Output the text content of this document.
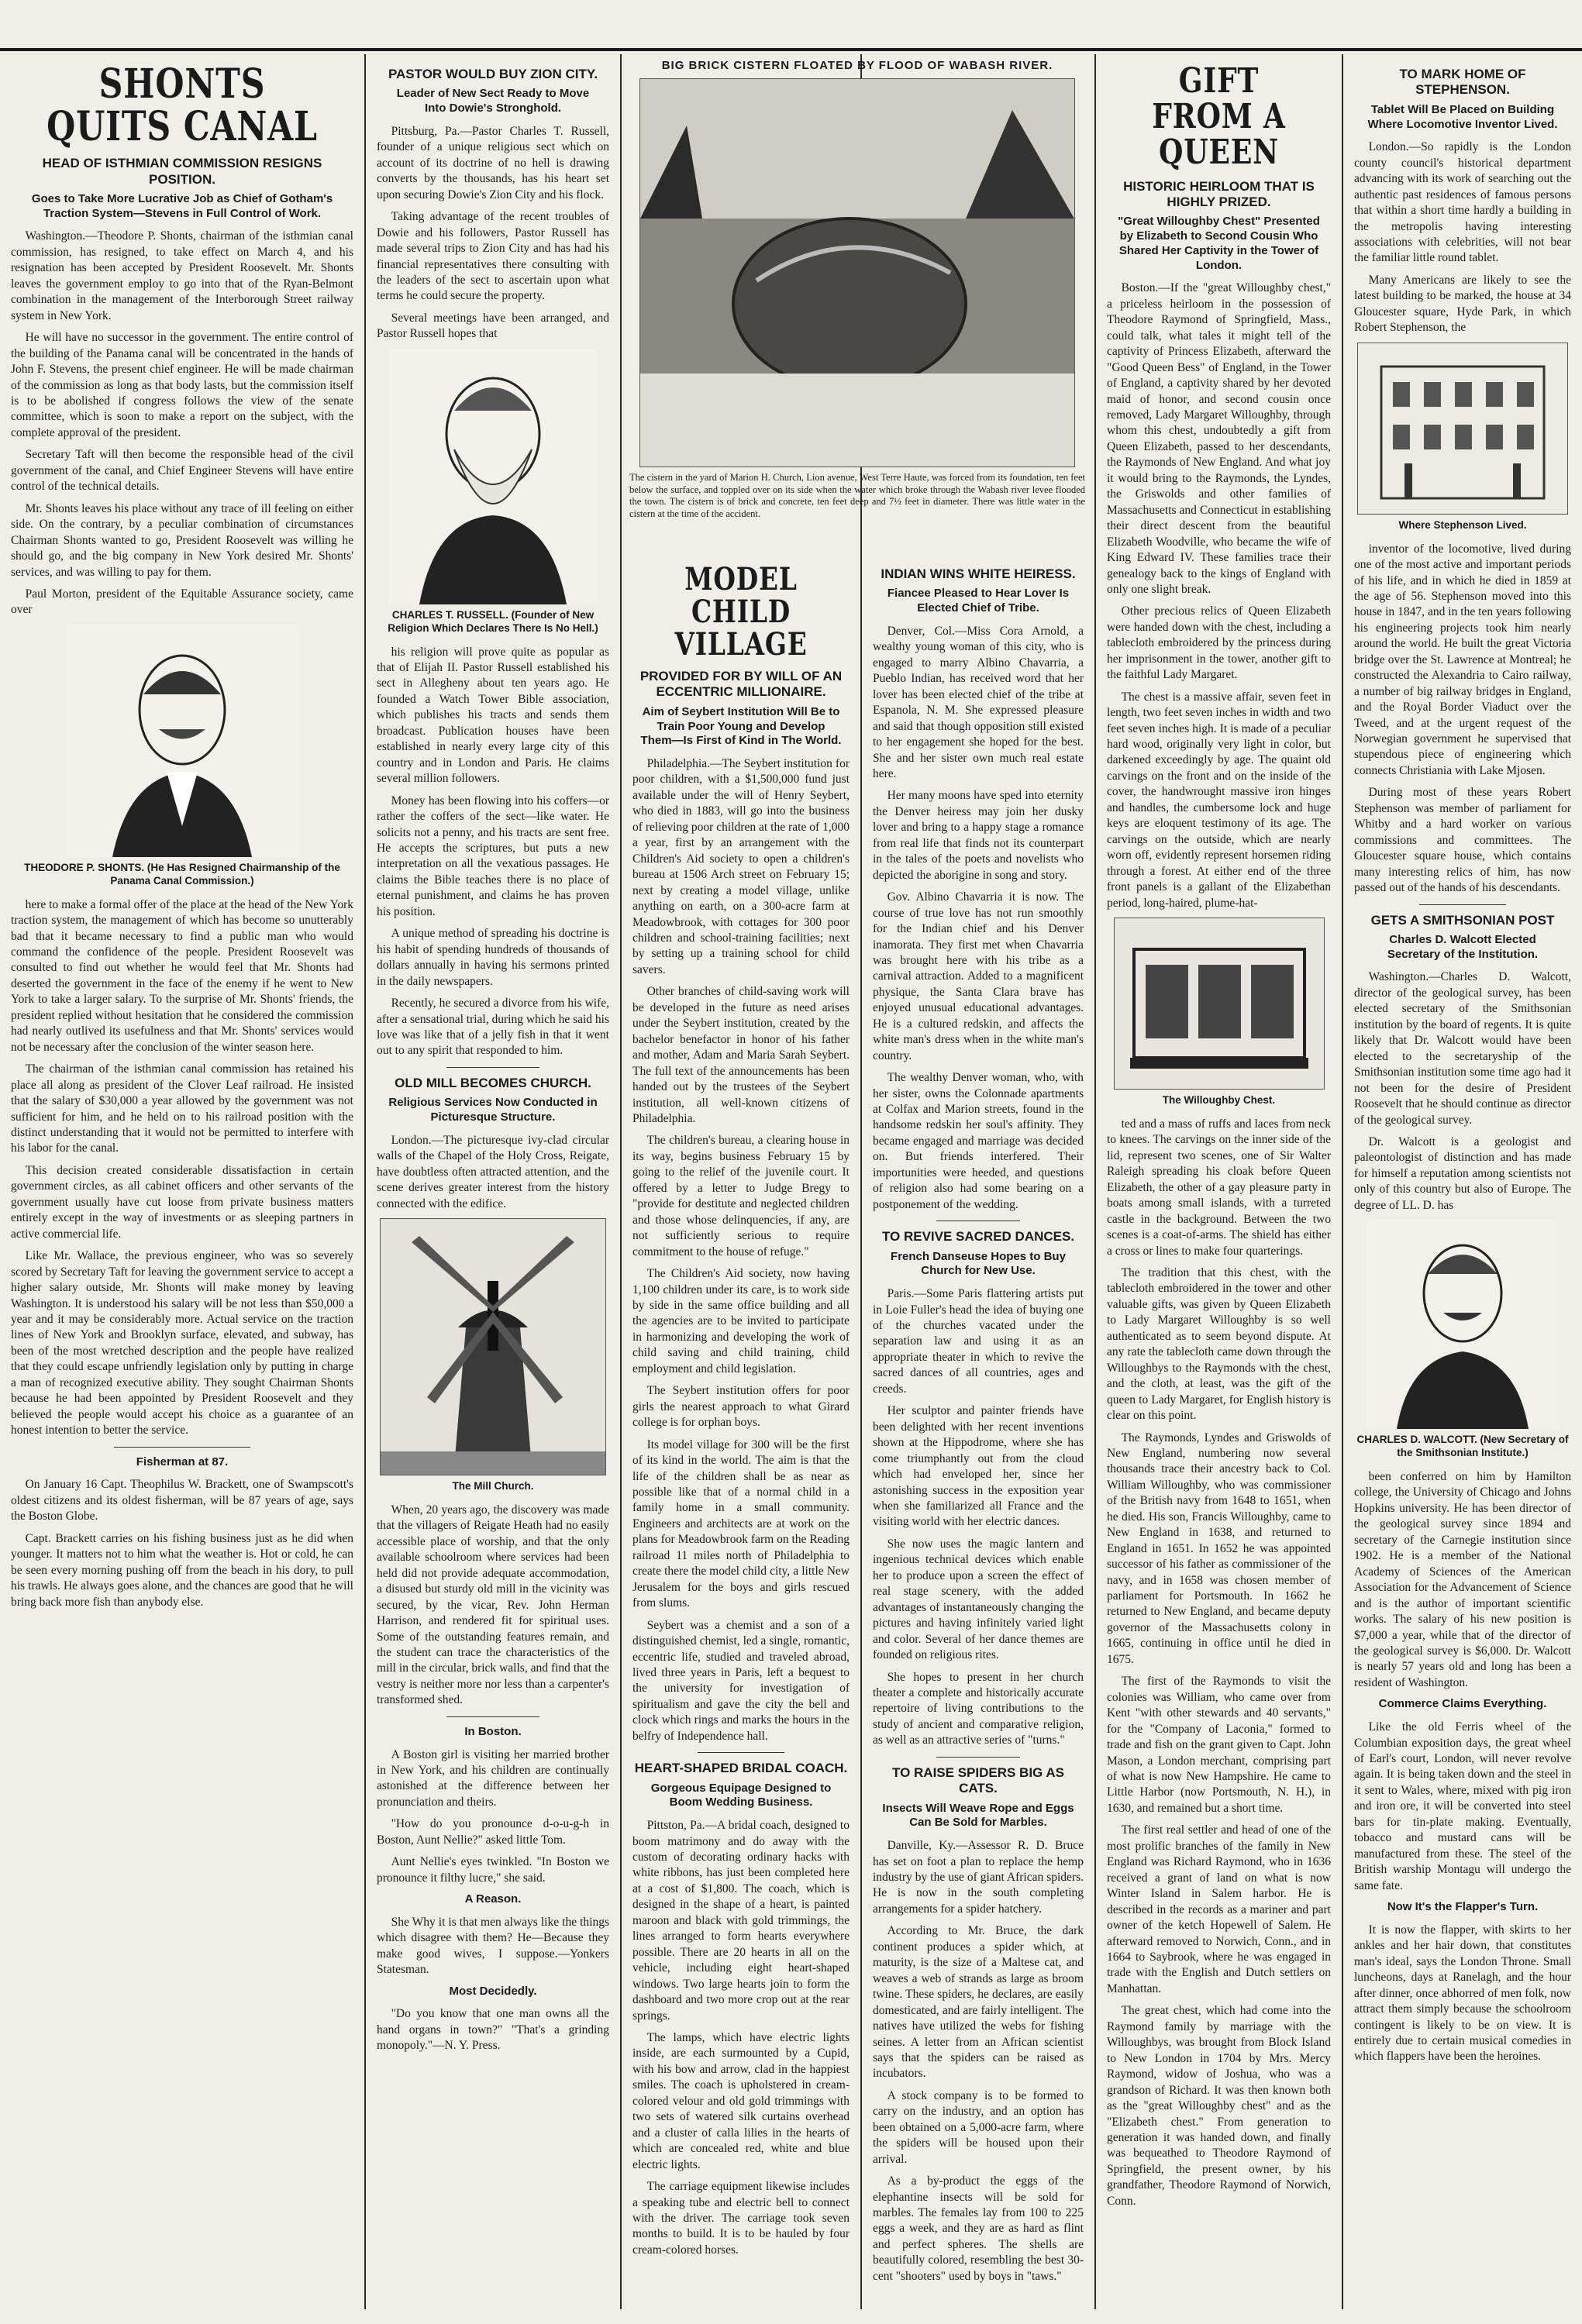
SHONTS QUITS CANAL
HEAD OF ISTHMIAN COMMISSION RESIGNS POSITION.
Goes to Take More Lucrative Job as Chief of Gotham's Traction System—Stevens in Full Control of Work.

Washington.—Theodore P. Shonts, chairman of the isthmian canal commission, has resigned, to take effect on March 4, and his resignation has been accepted by President Roosevelt. Mr. Shonts leaves the government employ to go into that of the Ryan-Belmont combination in the management of the Interborough Street railway system in New York.

He will have no successor in the government. The entire control of the building of the Panama canal will be concentrated in the hands of John F. Stevens, the present chief engineer. He will be made chairman of the commission as long as that body lasts, but the commission itself is to be abolished if congress follows the view of the senate committee, which is soon to make a report on the subject, with the complete approval of the president.

Secretary Taft will then become the responsible head of the civil government of the canal, and Chief Engineer Stevens will have entire control of the technical details.

Mr. Shonts leaves his place without any trace of ill feeling on either side. On the contrary, by a peculiar combination of circumstances Chairman Shonts wanted to go, President Roosevelt was willing he should go, and the big company in New York desired Mr. Shonts' services, and was willing to pay for them.

Paul Morton, president of the Equitable Assurance society, came over

THEODORE P. SHONTS. (He Has Resigned Chairmanship of the Panama Canal Commission.)

here to make a formal offer of the place at the head of the New York traction system, the management of which has become so unutterably bad that it became necessary to find a public man who would command the confidence of the people. President Roosevelt was consulted to find out whether he would feel that Mr. Shonts had deserted the government in the face of the enemy if he went to New York to take a larger salary. To the surprise of Mr. Shonts' friends, the president replied without hesitation that he considered the commission had nearly outlived its usefulness and that Mr. Shonts' services would not be necessary after the conclusion of the winter season here.

The chairman of the isthmian canal commission has retained his place all along as president of the Clover Leaf railroad. He insisted that the salary of $30,000 a year allowed by the government was not sufficient for him, and he held on to his railroad position with the distinct understanding that it would not be permitted to interfere with his labor for the canal.

This decision created considerable dissatisfaction in certain government circles, as all cabinet officers and other servants of the government usually have cut loose from private business matters entirely except in the way of investments or as sleeping partners in active commercial life.

Like Mr. Wallace, the previous engineer, who was so severely scored by Secretary Taft for leaving the government service to accept a higher salary outside, Mr. Shonts will make money by leaving Washington. It is understood his salary will be not less than $50,000 a year and it may be considerably more. Actual service on the traction lines of New York and Brooklyn surface, elevated, and subway, has been of the most wretched description and the people have realized that they could escape unfriendly legislation only by putting in charge a man of recognized executive ability. They sought Chairman Shonts because he had been appointed by President Roosevelt and they believed the people would accept his choice as a guarantee of an honest intention to better the service.

Fisherman at 87.

On January 16 Capt. Theophilus W. Brackett, one of Swampscott's oldest citizens and its oldest fisherman, will be 87 years of age, says the Boston Globe.

Capt. Brackett carries on his fishing business just as he did when younger. It matters not to him what the weather is. Hot or cold, he can be seen every morning pushing off from the beach in his dory, to pull his trawls. He always goes alone, and the chances are good that he will bring back more fish than anybody else.

PASTOR WOULD BUY ZION CITY.
Leader of New Sect Ready to Move Into Dowie's Stronghold.

Pittsburg, Pa.—Pastor Charles T. Russell, founder of a unique religious sect which on account of its doctrine of no hell is drawing converts by the thousands, has his heart set upon securing Dowie's Zion City and his flock.

Taking advantage of the recent troubles of Dowie and his followers, Pastor Russell has made several trips to Zion City and has had his financial representatives there consulting with the leaders of the sect to ascertain upon what terms he could secure the property.

Several meetings have been arranged, and Pastor Russell hopes that

CHARLES T. RUSSELL. (Founder of New Religion Which Declares There Is No Hell.)

his religion will prove quite as popular as that of Elijah II. Pastor Russell established his sect in Allegheny about ten years ago. He founded a Watch Tower Bible association, which publishes his tracts and sends them broadcast. Publication houses have been established in nearly every large city of this country and in London and Paris. He claims several million followers.

Money has been flowing into his coffers—or rather the coffers of the sect—like water. He solicits not a penny, and his tracts are sent free. He accepts the scriptures, but puts a new interpretation on all the vexatious passages. He claims the Bible teaches there is no place of eternal punishment, and claims he has proven his position.

A unique method of spreading his doctrine is his habit of spending hundreds of thousands of dollars annually in having his sermons printed in the daily newspapers.

Recently, he secured a divorce from his wife, after a sensational trial, during which he said his love was like that of a jelly fish in that it went out to any spirit that responded to him.

OLD MILL BECOMES CHURCH.
Religious Services Now Conducted in Picturesque Structure.

London.—The picturesque ivy-clad circular walls of the Chapel of the Holy Cross, Reigate, have doubtless often attracted attention, and the scene derives greater interest from the history connected with the edifice.

The Mill Church.

When, 20 years ago, the discovery was made that the villagers of Reigate Heath had no easily accessible place of worship, and that the only available schoolroom where services had been held did not provide adequate accommodation, a disused but sturdy old mill in the vicinity was secured, by the vicar, Rev. John Herman Harrison, and rendered fit for spiritual uses. Some of the outstanding features remain, and the student can trace the characteristics of the mill in the circular, brick walls, and find that the vestry is neither more nor less than a carpenter's transformed shed.

In Boston.

A Boston girl is visiting her married brother in New York, and his children are continually astonished at the difference between her pronunciation and theirs.

"How do you pronounce d-o-u-g-h in Boston, Aunt Nellie?" asked little Tom.

Aunt Nellie's eyes twinkled. "In Boston we pronounce it filthy lucre," she said.

A Reason.

She Why it is that men always like the things which disagree with them? He—Because they make good wives, I suppose.—Yonkers Statesman.

Most Decidedly.

"Do you know that one man owns all the hand organs in town?" "That's a grinding monopoly."—N. Y. Press.

BIG BRICK CISTERN FLOATED BY FLOOD OF WABASH RIVER.
The cistern in the yard of Marion H. Church, Lion avenue, West Terre Haute, was forced from its foundation, ten feet below the surface, and toppled over on its side when the water which broke through the Wabash river levee flooded the town. The cistern is of brick and concrete, ten feet deep and 7½ feet in diameter. There was little water in the cistern at the time of the accident.
MODEL CHILD VILLAGE
PROVIDED FOR BY WILL OF AN ECCENTRIC MILLIONAIRE.
Aim of Seybert Institution Will Be to Train Poor Young and Develop Them—Is First of Kind in The World.

Philadelphia.—The Seybert institution for poor children, with a $1,500,000 fund just available under the will of Henry Seybert, who died in 1883, will go into the business of relieving poor children at the rate of 1,000 a year, first by an arrangement with the Children's Aid society to open a children's bureau at 1506 Arch street on February 15; next by creating a model village, unlike anything on earth, on a 300-acre farm at Meadowbrook, with cottages for 300 poor children and school-training facilities; next by setting up a training school for child savers.

Other branches of child-saving work will be developed in the future as need arises under the Seybert institution, created by the bachelor benefactor in honor of his father and mother, Adam and Maria Sarah Seybert. The full text of the announcements has been handed out by the trustees of the Seybert institution, all well-known citizens of Philadelphia.

The children's bureau, a clearing house in its way, begins business February 15 by going to the relief of the juvenile court. It offered by a letter to Judge Bregy to "provide for destitute and neglected children and those whose delinquencies, if any, are not sufficiently serious to require commitment to the house of refuge."

The Children's Aid society, now having 1,100 children under its care, is to work side by side in the same office building and all the agencies are to be invited to participate in harmonizing and developing the work of child saving and child training, child employment and child legislation.

The Seybert institution offers for poor girls the nearest approach to what Girard college is for orphan boys.

Its model village for 300 will be the first of its kind in the world. The aim is that the life of the children shall be as near as possible like that of a normal child in a family home in a small community. Engineers and architects are at work on the plans for Meadowbrook farm on the Reading railroad 11 miles north of Philadelphia to create there the model child city, a little New Jerusalem for the boys and girls rescued from slums.

Seybert was a chemist and a son of a distinguished chemist, led a single, romantic, eccentric life, studied and traveled abroad, lived three years in Paris, left a bequest to the university for investigation of spiritualism and gave the city the bell and clock which rings and marks the hours in the belfry of Independence hall.

HEART-SHAPED BRIDAL COACH.
Gorgeous Equipage Designed to Boom Wedding Business.

Pittston, Pa.—A bridal coach, designed to boom matrimony and do away with the custom of decorating ordinary hacks with white ribbons, has just been completed here at a cost of $1,800. The coach, which is designed in the shape of a heart, is painted maroon and black with gold trimmings, the lines arranged to form hearts everywhere possible. There are 20 hearts in all on the vehicle, including eight heart-shaped windows. Two large hearts join to form the dashboard and two more crop out at the rear springs.

The lamps, which have electric lights inside, are each surmounted by a Cupid, with his bow and arrow, clad in the happiest smiles. The coach is upholstered in cream-colored velour and old gold trimmings with two sets of watered silk curtains overhead and a cluster of calla lilies in the hearts of which are concealed red, white and blue electric lights.

The carriage equipment likewise includes a speaking tube and electric bell to connect with the driver. The carriage took seven months to build. It is to be hauled by four cream-colored horses.

INDIAN WINS WHITE HEIRESS.
Fiancee Pleased to Hear Lover Is Elected Chief of Tribe.

Denver, Col.—Miss Cora Arnold, a wealthy young woman of this city, who is engaged to marry Albino Chavarria, a Pueblo Indian, has received word that her lover has been elected chief of the tribe at Espanola, N. M. She expressed pleasure and said that though opposition still existed to her engagement she hoped for the best. She and her sister own much real estate here.

Her many moons have sped into eternity the Denver heiress may join her dusky lover and bring to a happy stage a romance from real life that finds not its counterpart in the tales of the poets and novelists who depicted the aborigine in song and story.

Gov. Albino Chavarria it is now. The course of true love has not run smoothly for the Indian chief and his Denver inamorata. They first met when Chavarria was brought here with his tribe as a carnival attraction. Added to a magnificent physique, the Santa Clara brave has enjoyed unusual educational advantages. He is a cultured redskin, and affects the white man's dress when in the white man's country.

The wealthy Denver woman, who, with her sister, owns the Colonnade apartments at Colfax and Marion streets, found in the handsome redskin her soul's affinity. They became engaged and marriage was decided on. But friends interfered. Their importunities were heeded, and questions of religion also had some bearing on a postponement of the wedding.

TO REVIVE SACRED DANCES.
French Danseuse Hopes to Buy Church for New Use.

Paris.—Some Paris flattering artists put in Loie Fuller's head the idea of buying one of the churches vacated under the separation law and using it as an appropriate theater in which to revive the sacred dances of all countries, ages and creeds.

Her sculptor and painter friends have been delighted with her recent inventions shown at the Hippodrome, where she has come triumphantly out from the cloud which had enveloped her, since her astonishing success in the exposition year when she familiarized all France and the visiting world with her electric dances.

She now uses the magic lantern and ingenious technical devices which enable her to produce upon a screen the effect of real stage scenery, with the added advantages of instantaneously changing the pictures and having infinitely varied light and color. Several of her dance themes are founded on religious rites.

She hopes to present in her church theater a complete and historically accurate repertoire of living contributions to the study of ancient and comparative religion, as well as an attractive series of "turns."

TO RAISE SPIDERS BIG AS CATS.
Insects Will Weave Rope and Eggs Can Be Sold for Marbles.

Danville, Ky.—Assessor R. D. Bruce has set on foot a plan to replace the hemp industry by the use of giant African spiders. He is now in the south completing arrangements for a spider hatchery.

According to Mr. Bruce, the dark continent produces a spider which, at maturity, is the size of a Maltese cat, and weaves a web of strands as large as broom twine. These spiders, he declares, are easily domesticated, and are fairly intelligent. The natives have utilized the webs for fishing seines. A letter from an African scientist says that the spiders can be raised as incubators.

A stock company is to be formed to carry on the industry, and an option has been obtained on a 5,000-acre farm, where the spiders will be housed upon their arrival.

As a by-product the eggs of the elephantine insects will be sold for marbles. The females lay from 100 to 225 eggs a week, and they are as hard as flint and perfect spheres. The shells are beautifully colored, resembling the best 30-cent "shooters" used by boys in "taws."

GIFT FROM A QUEEN
HISTORIC HEIRLOOM THAT IS HIGHLY PRIZED.
"Great Willoughby Chest" Presented by Elizabeth to Second Cousin Who Shared Her Captivity in the Tower of London.

Boston.—If the "great Willoughby chest," a priceless heirloom in the possession of Theodore Raymond of Springfield, Mass., could talk, what tales it might tell of the captivity of Princess Elizabeth, afterward the "Good Queen Bess" of England, in the Tower of England, a captivity shared by her devoted maid of honor, and second cousin once removed, Lady Margaret Willoughby, through whom this chest, undoubtedly a gift from Queen Elizabeth, passed to her descendants, the Raymonds of New England. And what joy it would bring to the Raymonds, the Lyndes, the Griswolds and other families of Massachusetts and Connecticut in establishing their direct descent from the beautiful Elizabeth Woodville, who became the wife of King Edward IV. These families trace their genealogy back to the kings of England with only one slight break.

Other precious relics of Queen Elizabeth were handed down with the chest, including a tablecloth embroidered by the princess during her imprisonment in the tower, another gift to the faithful Lady Margaret.

The chest is a massive affair, seven feet in length, two feet seven inches in width and two feet seven inches high. It is made of a peculiar hard wood, originally very light in color, but darkened exceedingly by age. The quaint old carvings on the front and on the inside of the cover, the handwrought massive iron hinges and handles, the cumbersome lock and huge keys are eloquent testimony of its age. The carvings on the outside, which are nearly worn off, evidently represent horsemen riding through a forest. At either end of the three front panels is a gallant of the Elizabethan period, long-haired, plume-hat-

The Willoughby Chest.

ted and a mass of ruffs and laces from neck to knees. The carvings on the inner side of the lid, represent two scenes, one of Sir Walter Raleigh spreading his cloak before Queen Elizabeth, the other of a gay pleasure party in boats among small islands, with a turreted castle in the background. Between the two scenes is a coat-of-arms. The shield has either a cross or lines to make four quarterings.

The tradition that this chest, with the tablecloth embroidered in the tower and other valuable gifts, was given by Queen Elizabeth to Lady Margaret Willoughby is so well authenticated as to seem beyond dispute. At any rate the tablecloth came down through the Willoughbys to the Raymonds with the chest, and the cloth, at least, was the gift of the queen to Lady Margaret, for English history is clear on this point.

The Raymonds, Lyndes and Griswolds of New England, numbering now several thousands trace their ancestry back to Col. William Willoughby, who was commissioner of the British navy from 1648 to 1651, when he died. His son, Francis Willoughby, came to New England in 1638, and returned to England in 1651. In 1652 he was appointed successor of his father as commissioner of the navy, and in 1658 was chosen member of parliament for Portsmouth. In 1662 he returned to New England, and became deputy governor of the Massachusetts colony in 1665, continuing in office until he died in 1675.

The first of the Raymonds to visit the colonies was William, who came over from Kent "with other stewards and 40 servants," for the "Company of Laconia," formed to trade and fish on the grant given to Capt. John Mason, a London merchant, comprising part of what is now New Hampshire. He came to Little Harbor (now Portsmouth, N. H.), in 1630, and remained but a short time.

The first real settler and head of one of the most prolific branches of the family in New England was Richard Raymond, who in 1636 received a grant of land on what is now Winter Island in Salem harbor. He is described in the records as a mariner and part owner of the ketch Hopewell of Salem. He afterward removed to Norwich, Conn., and in 1664 to Saybrook, where he was engaged in trade with the English and Dutch settlers on Manhattan.

The great chest, which had come into the Raymond family by marriage with the Willoughbys, was brought from Block Island to New London in 1704 by Mrs. Mercy Raymond, widow of Joshua, who was a grandson of Richard. It was then known both as the "great Willoughby chest" and as the "Elizabeth chest." From generation to generation it was handed down, and finally was bequeathed to Theodore Raymond of Springfield, the present owner, by his grandfather, Theodore Raymond of Norwich, Conn.

TO MARK HOME OF STEPHENSON.
Tablet Will Be Placed on Building Where Locomotive Inventor Lived.

London.—So rapidly is the London county council's historical department advancing with its work of searching out the authentic past residences of famous persons that within a short time hardly a building in the metropolis having interesting associations with celebrities, will not bear the familiar little round tablet.

Many Americans are likely to see the latest building to be marked, the house at 34 Gloucester square, Hyde Park, in which Robert Stephenson, the

Where Stephenson Lived.

inventor of the locomotive, lived during one of the most active and important periods of his life, and in which he died in 1859 at the age of 56. Stephenson moved into this house in 1847, and in the ten years following his engineering projects took him nearly around the world. He built the great Victoria bridge over the St. Lawrence at Montreal; he constructed the Alexandria to Cairo railway, a number of big railway bridges in England, and the Royal Border Viaduct over the Tweed, and at the urgent request of the Norwegian government he supervised that stupendous piece of engineering which connects Christiania with Lake Mjosen.

During most of these years Robert Stephenson was member of parliament for Whitby and a hard worker on various commissions and committees. The Gloucester square house, which contains many interesting relics of him, has now passed out of the hands of his descendants.

GETS A SMITHSONIAN POST
Charles D. Walcott Elected Secretary of the Institution.

Washington.—Charles D. Walcott, director of the geological survey, has been elected secretary of the Smithsonian institution by the board of regents. It is quite likely that Dr. Walcott would have been elected to the secretaryship of the Smithsonian institution some time ago had it not been for the desire of President Roosevelt that he should continue as director of the geological survey.

Dr. Walcott is a geologist and paleontologist of distinction and has made for himself a reputation among scientists not only of this country but also of Europe. The degree of LL. D. has

CHARLES D. WALCOTT. (New Secretary of the Smithsonian Institute.)

been conferred on him by Hamilton college, the University of Chicago and Johns Hopkins university. He has been director of the geological survey since 1894 and secretary of the Carnegie institution since 1902. He is a member of the National Academy of Sciences of the American Association for the Advancement of Science and is the author of important scientific works. The salary of his new position is $7,000 a year, while that of the director of the geological survey is $6,000. Dr. Walcott is nearly 57 years old and long has been a resident of Washington.

Commerce Claims Everything.

Like the old Ferris wheel of the Columbian exposition days, the great wheel of Earl's court, London, will never revolve again. It is being taken down and the steel in it sent to Wales, where, mixed with pig iron and iron ore, it will be converted into steel bars for tin-plate making. Eventually, tobacco and mustard cans will be manufactured from these. The steel of the British warship Montagu will undergo the same fate.

Now It's the Flapper's Turn.

It is now the flapper, with skirts to her ankles and her hair down, that constitutes man's ideal, says the London Throne. Small luncheons, days at Ranelagh, and the hour after dinner, once abhorred of men folk, now attract them simply because the schoolroom contingent is likely to be on view. It is entirely due to certain musical comedies in which flappers have been the heroines.
